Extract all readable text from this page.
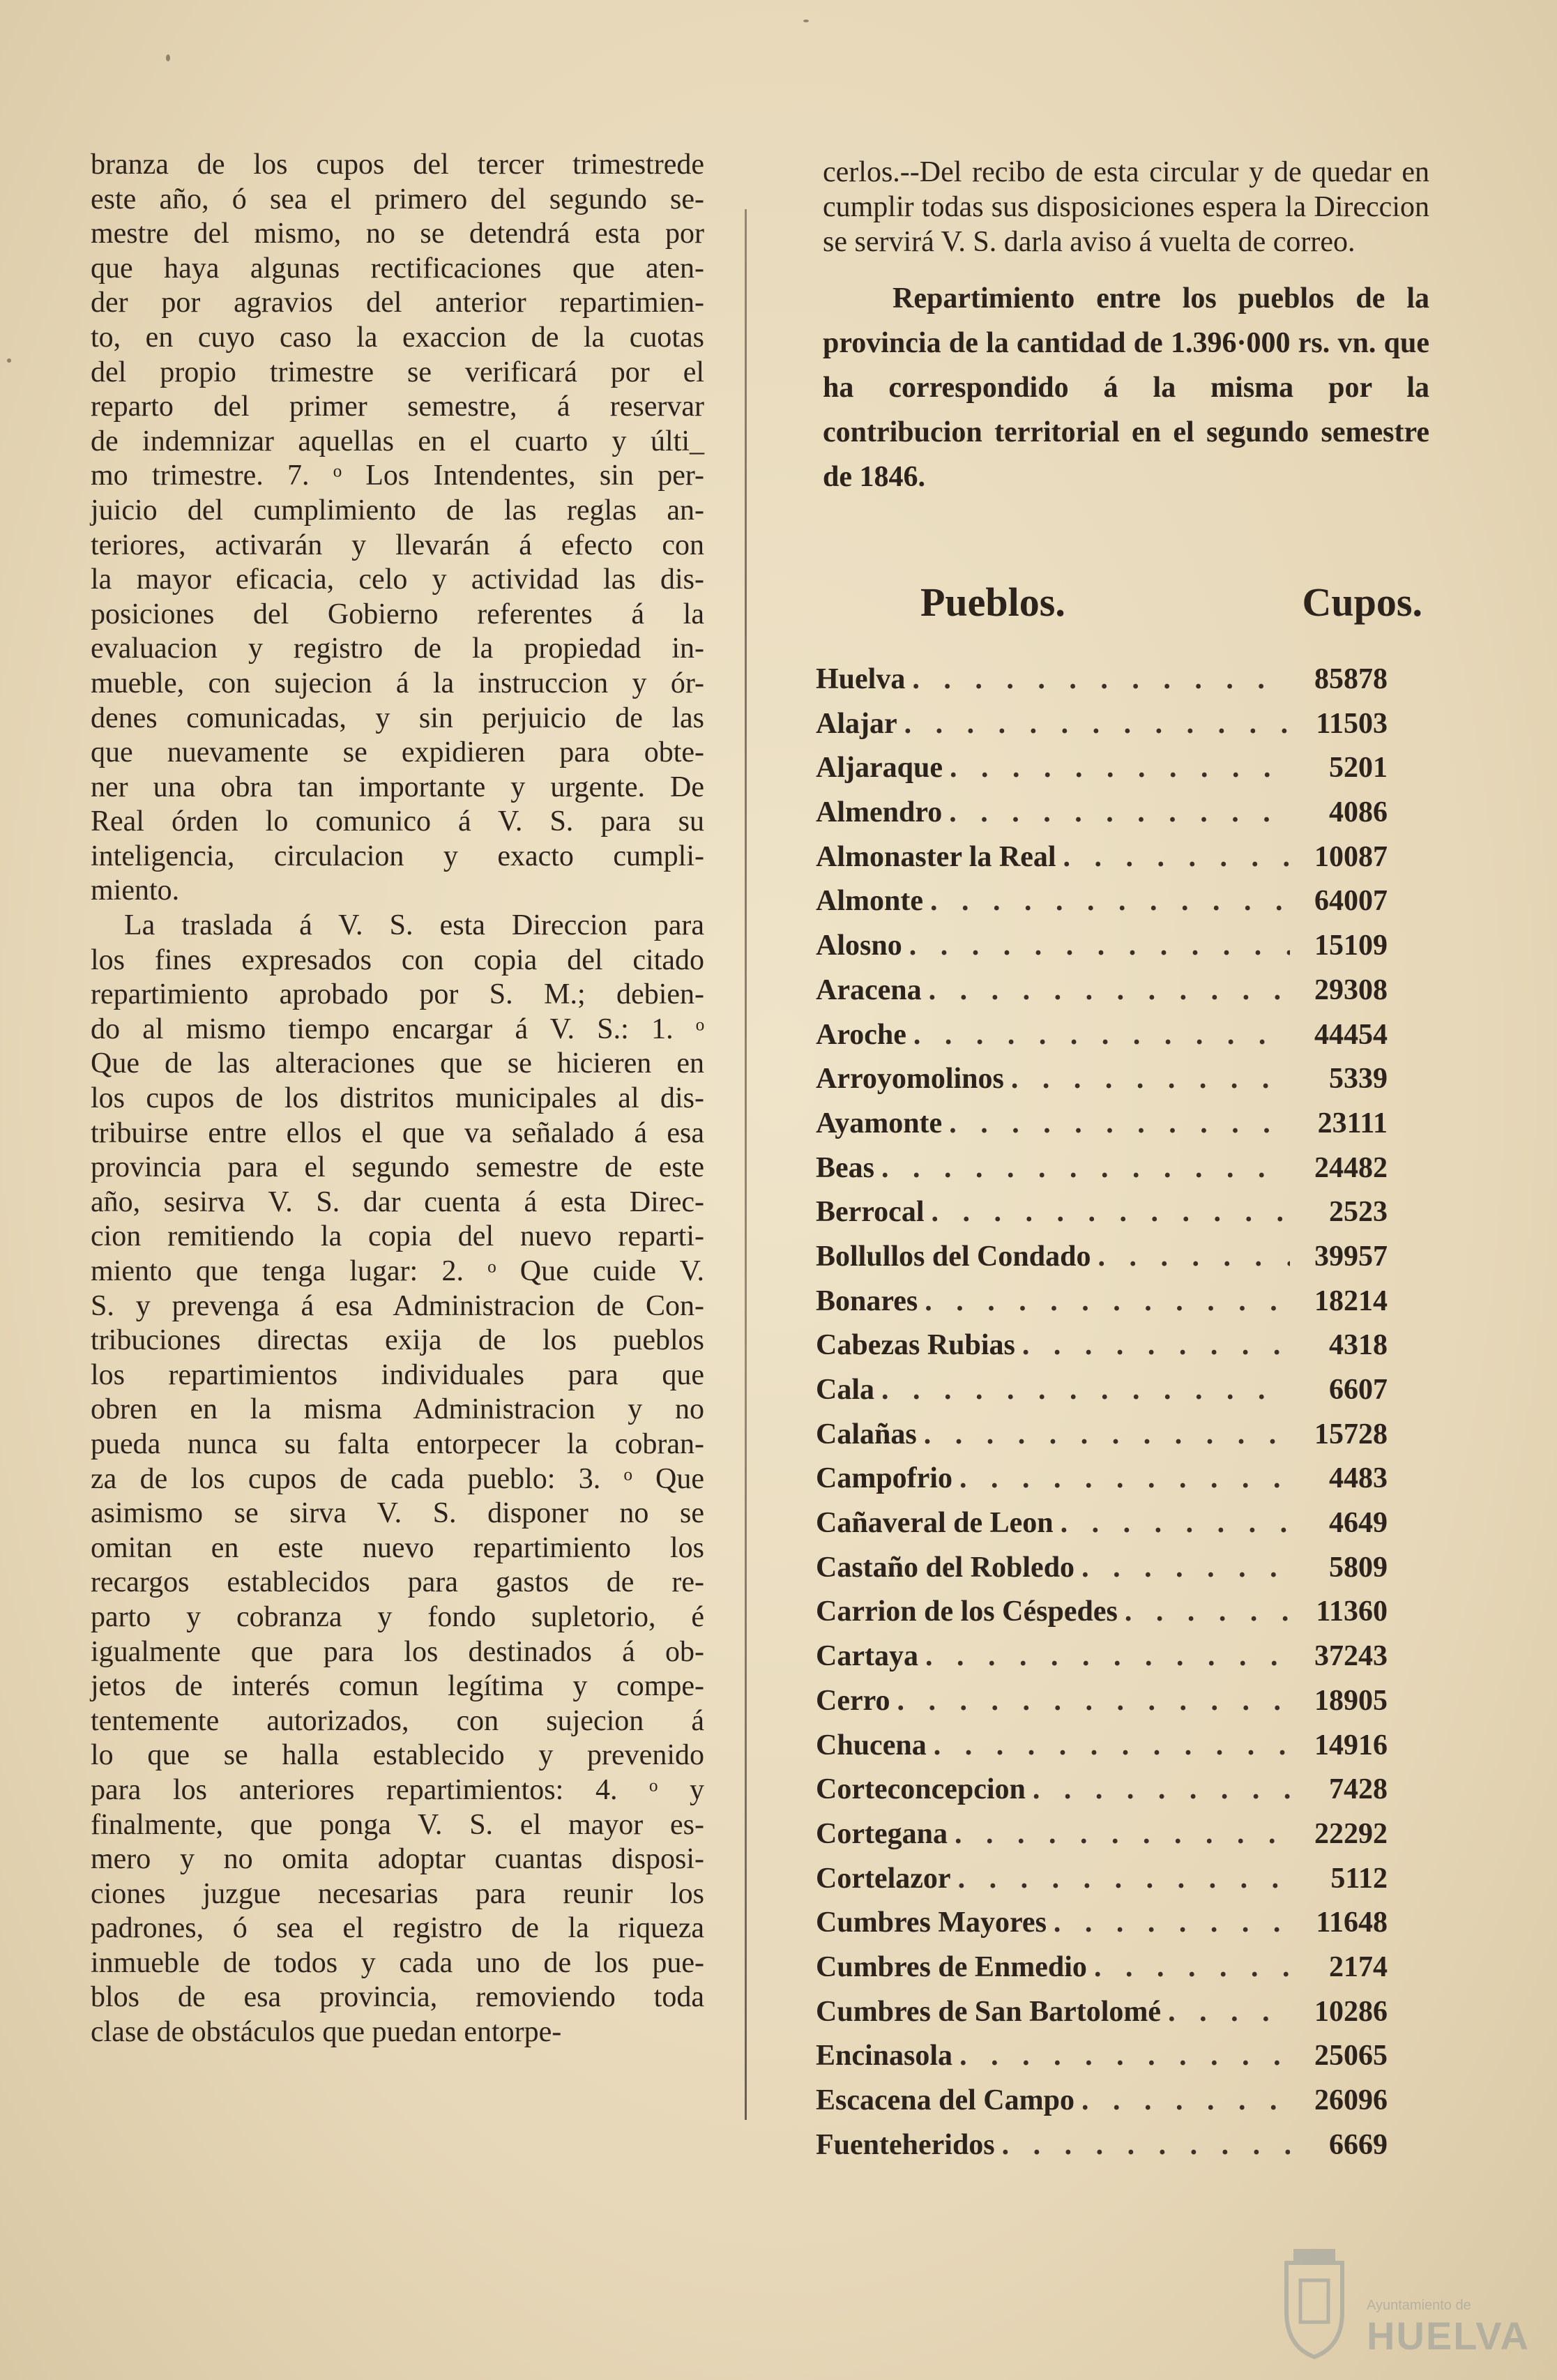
branza de los cupos del tercer trimestrede

este año, ó sea el primero del segundo se-

mestre del mismo, no se detendrá esta por

que haya algunas rectificaciones que aten-

der por agravios del anterior repartimien-

to, en cuyo caso la exaccion de la cuotas

del propio trimestre se verificará por el

reparto del primer semestre, á reservar

de indemnizar aquellas en el cuarto y últi_

mo trimestre. 7. ᵒ Los Intendentes, sin per-

juicio del cumplimiento de las reglas an-

teriores, activarán y llevarán á efecto con

la mayor eficacia, celo y actividad las dis-

posiciones del Gobierno referentes á la

evaluacion y registro de la propiedad in-

mueble, con sujecion á la instruccion y ór-

denes comunicadas, y sin perjuicio de las

que nuevamente se expidieren para obte-

ner una obra tan importante y urgente. De

Real órden lo comunico á V. S. para su

inteligencia, circulacion y exacto cumpli-

miento.

La traslada á V. S. esta Direccion para

los fines expresados con copia del citado

repartimiento aprobado por S. M.; debien-

do al mismo tiempo encargar á V. S.: 1. ᵒ

Que de las alteraciones que se hicieren en

los cupos de los distritos municipales al dis-

tribuirse entre ellos el que va señalado á esa

provincia para el segundo semestre de este

año, sesirva V. S. dar cuenta á esta Direc-

cion remitiendo la copia del nuevo reparti-

miento que tenga lugar: 2. ᵒ Que cuide V.

S. y prevenga á esa Administracion de Con-

tribuciones directas exija de los pueblos

los repartimientos individuales para que

obren en la misma Administracion y no

pueda nunca su falta entorpecer la cobran-

za de los cupos de cada pueblo: 3. ᵒ Que

asimismo se sirva V. S. disponer no se

omitan en este nuevo repartimiento los

recargos establecidos para gastos de re-

parto y cobranza y fondo supletorio, é

igualmente que para los destinados á ob-

jetos de interés comun legítima y compe-

tentemente autorizados, con sujecion á

lo que se halla establecido y prevenido

para los anteriores repartimientos: 4. ᵒ y

finalmente, que ponga V. S. el mayor es-

mero y no omita adoptar cuantas disposi-

ciones juzgue necesarias para reunir los

padrones, ó sea el registro de la riqueza

inmueble de todos y cada uno de los pue-

blos de esa provincia, removiendo toda

clase de obstáculos que puedan entorpe-

cerlos.--Del recibo de esta circular y de quedar en cumplir todas sus disposiciones espera la Direccion se servirá V. S. darla aviso á vuelta de correo.

Repartimiento entre los pueblos de la provincia de la cantidad de 1.396·000 rs. vn. que ha correspondido á la misma por la contribucion territorial en el segundo semestre de 1846.

Pueblos.	Cupos.
Huelva . . .	85878
Alajar . . .	11503
Aljaraque . . .	5201
Almendro . . .	4086
Almonaster la Real . . .	10087
Almonte . . .	64007
Alosno . . .	15109
Aracena . . .	29308
Aroche . . .	44454
Arroyomolinos . . .	5339
Ayamonte . . .	23111
Beas . . .	24482
Berrocal . . .	2523
Bollullos del Condado . . .	39957
Bonares . . .	18214
Cabezas Rubias . . .	4318
Cala . . .	6607
Calañas . . .	15728
Campofrio . . .	4483
Cañaveral de Leon . . .	4649
Castaño del Robledo . . .	5809
Carrion de los Céspedes . . .	11360
Cartaya . . .	37243
Cerro . . .	18905
Chucena . . .	14916
Corteconcepcion . . .	7428
Cortegana . . .	22292
Cortelazor . . .	5112
Cumbres Mayores . . .	11648
Cumbres de Enmedio . . .	2174
Cumbres de San Bartolomé . . .	10286
Encinasola . . .	25065
Escacena del Campo . . .	26096
Fuenteheridos . . .	6669
Ayuntamiento de
HUELVA
